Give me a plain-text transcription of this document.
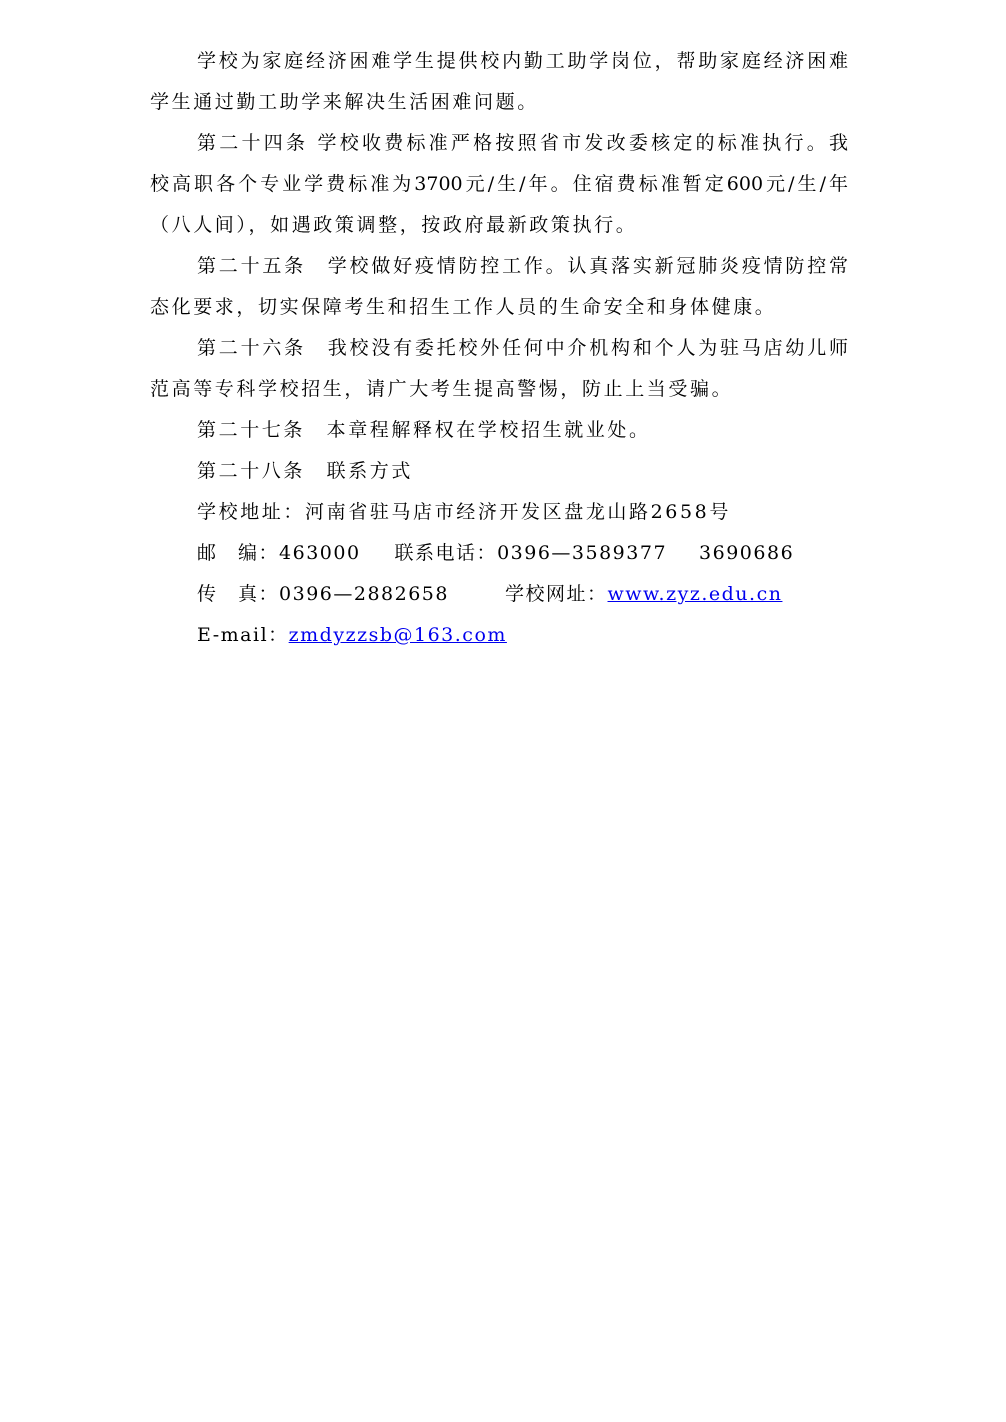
学校为家庭经济困难学生提供校内勤工助学岗位，帮助家庭经济困难
学生通过勤工助学来解决生活困难问题。
第二十四条 学校收费标准严格按照省市发改委核定的标准执行。我
校高职各个专业学费标准为3700元/生/年。住宿费标准暂定600元/生/年
（八人间），如遇政策调整，按政府最新政策执行。
第二十五条　学校做好疫情防控工作。认真落实新冠肺炎疫情防控常
态化要求，切实保障考生和招生工作人员的生命安全和身体健康。
第二十六条　我校没有委托校外任何中介机构和个人为驻马店幼儿师
范高等专科学校招生，请广大考生提高警惕，防止上当受骗。
第二十七条　本章程解释权在学校招生就业处。
第二十八条　联系方式
学校地址：河南省驻马店市经济开发区盘龙山路2658号
邮　编：463000 联系电话：0396—3589377 3690686
传　真：0396—2882658	学校网址：www.zyz.edu.cn
E-mail：zmdyzzsb@163.com
